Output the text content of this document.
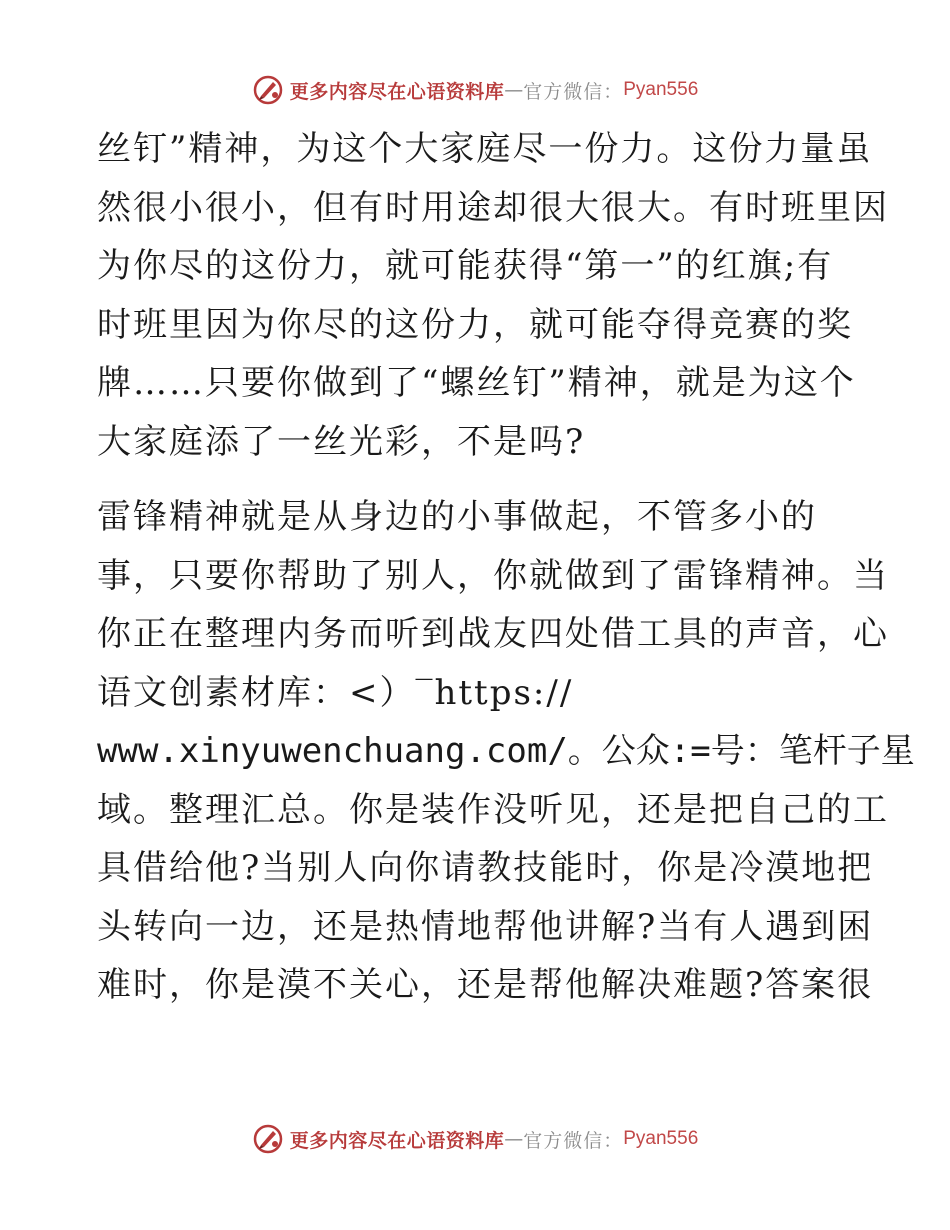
更多内容尽在心语资料库 — 官方微信： Pyan556
丝钉”精神，为这个大家庭尽一份力。这份力量虽
然很小很小，但有时用途却很大很大。有时班里因
为你尽的这份力，就可能获得“第一”的红旗;有
时班里因为你尽的这份力，就可能夺得竞赛的奖
牌……只要你做到了“螺丝钉”精神，就是为这个
大家庭添了一丝光彩，不是吗?
雷锋精神就是从身边的小事做起，不管多小的
事，只要你帮助了别人，你就做到了雷锋精神。当
你正在整理内务而听到战友四处借工具的声音，心
语文创素材库：<）‾https://
www.xinyuwenchuang.com/。公众:=号：笔杆子星
域。整理汇总。你是装作没听见，还是把自己的工
具借给他?当别人向你请教技能时，你是冷漠地把
头转向一边，还是热情地帮他讲解?当有人遇到困
难时，你是漠不关心，还是帮他解决难题?答案很
更多内容尽在心语资料库 — 官方微信： Pyan556
